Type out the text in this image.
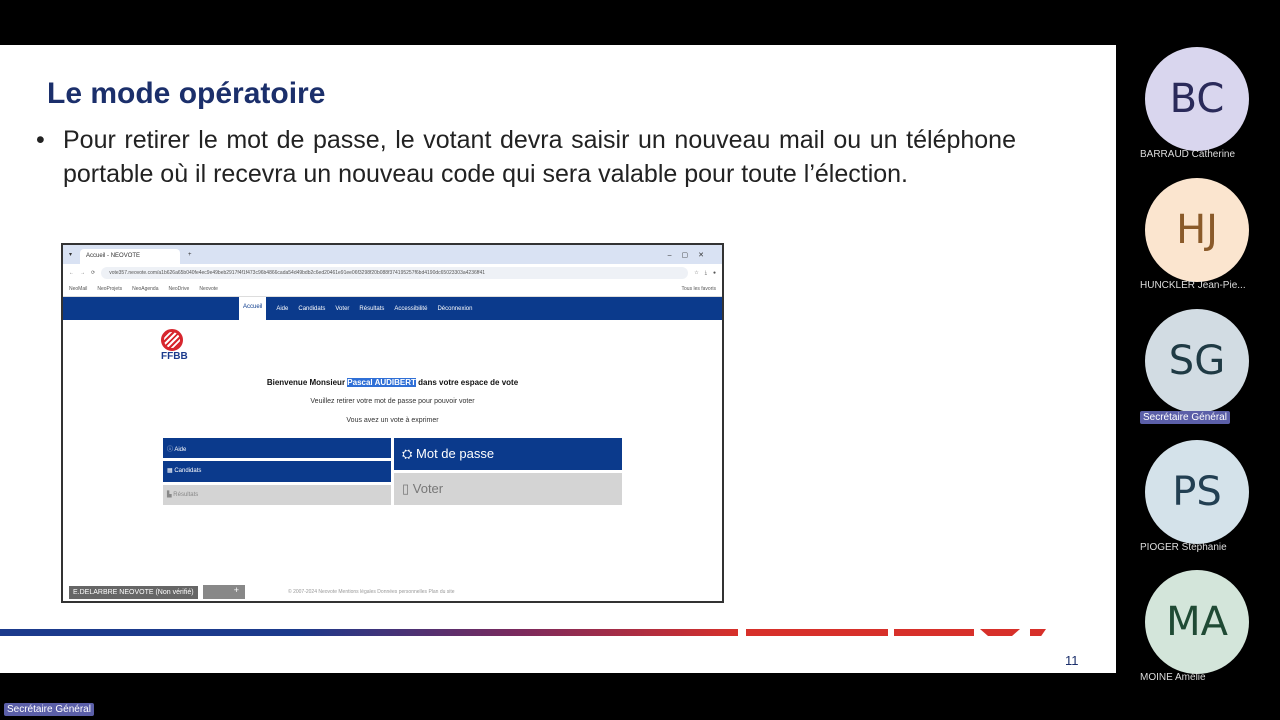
Le mode opératoire
• Pour retirer le mot de passe, le votant devra saisir un nouveau mail ou un téléphone portable où il recevra un nouveau code qui sera valable pour toute l’élection.
▾	Accueil - NEOVOTE	+	–▢✕
← → ⟳	vote357.neovote.com/a1b626a65b040fe4ec9e49beb2917f4f1f473c96b4866cada54d49bdb2c6ed20461e91ee06f3298f20b088f374195257f6bd4190dc65023303a4236ff41	☆ ⤓ ●
NeoMail NeoProjets NeoAgenda NeoDrive Neovote	Tous les favoris
Accueil	Aide Candidats Voter Résultats Accessibilité Déconnexion
FFBB
Bienvenue Monsieur Pascal AUDIBERT dans votre espace de vote
Veuillez retirer votre mot de passe pour pouvoir voter
Vous avez un vote à exprimer
ⓘ Aide
▦ Candidats
▙ Résultats
⛭ Mot de passe
▯ Voter
© 2007-2024 Neovote Mentions légales Données personnelles Plan du site
E.DELARBRE NEOVOTE (Non vérifié)	+
11
BC
BARRAUD Catherine
HJ
HUNCKLER Jean-Pie...
SG
Secrétaire Général
PS
PIOGER Stéphanie
MA
MOINE Amélie
Secrétaire Général
